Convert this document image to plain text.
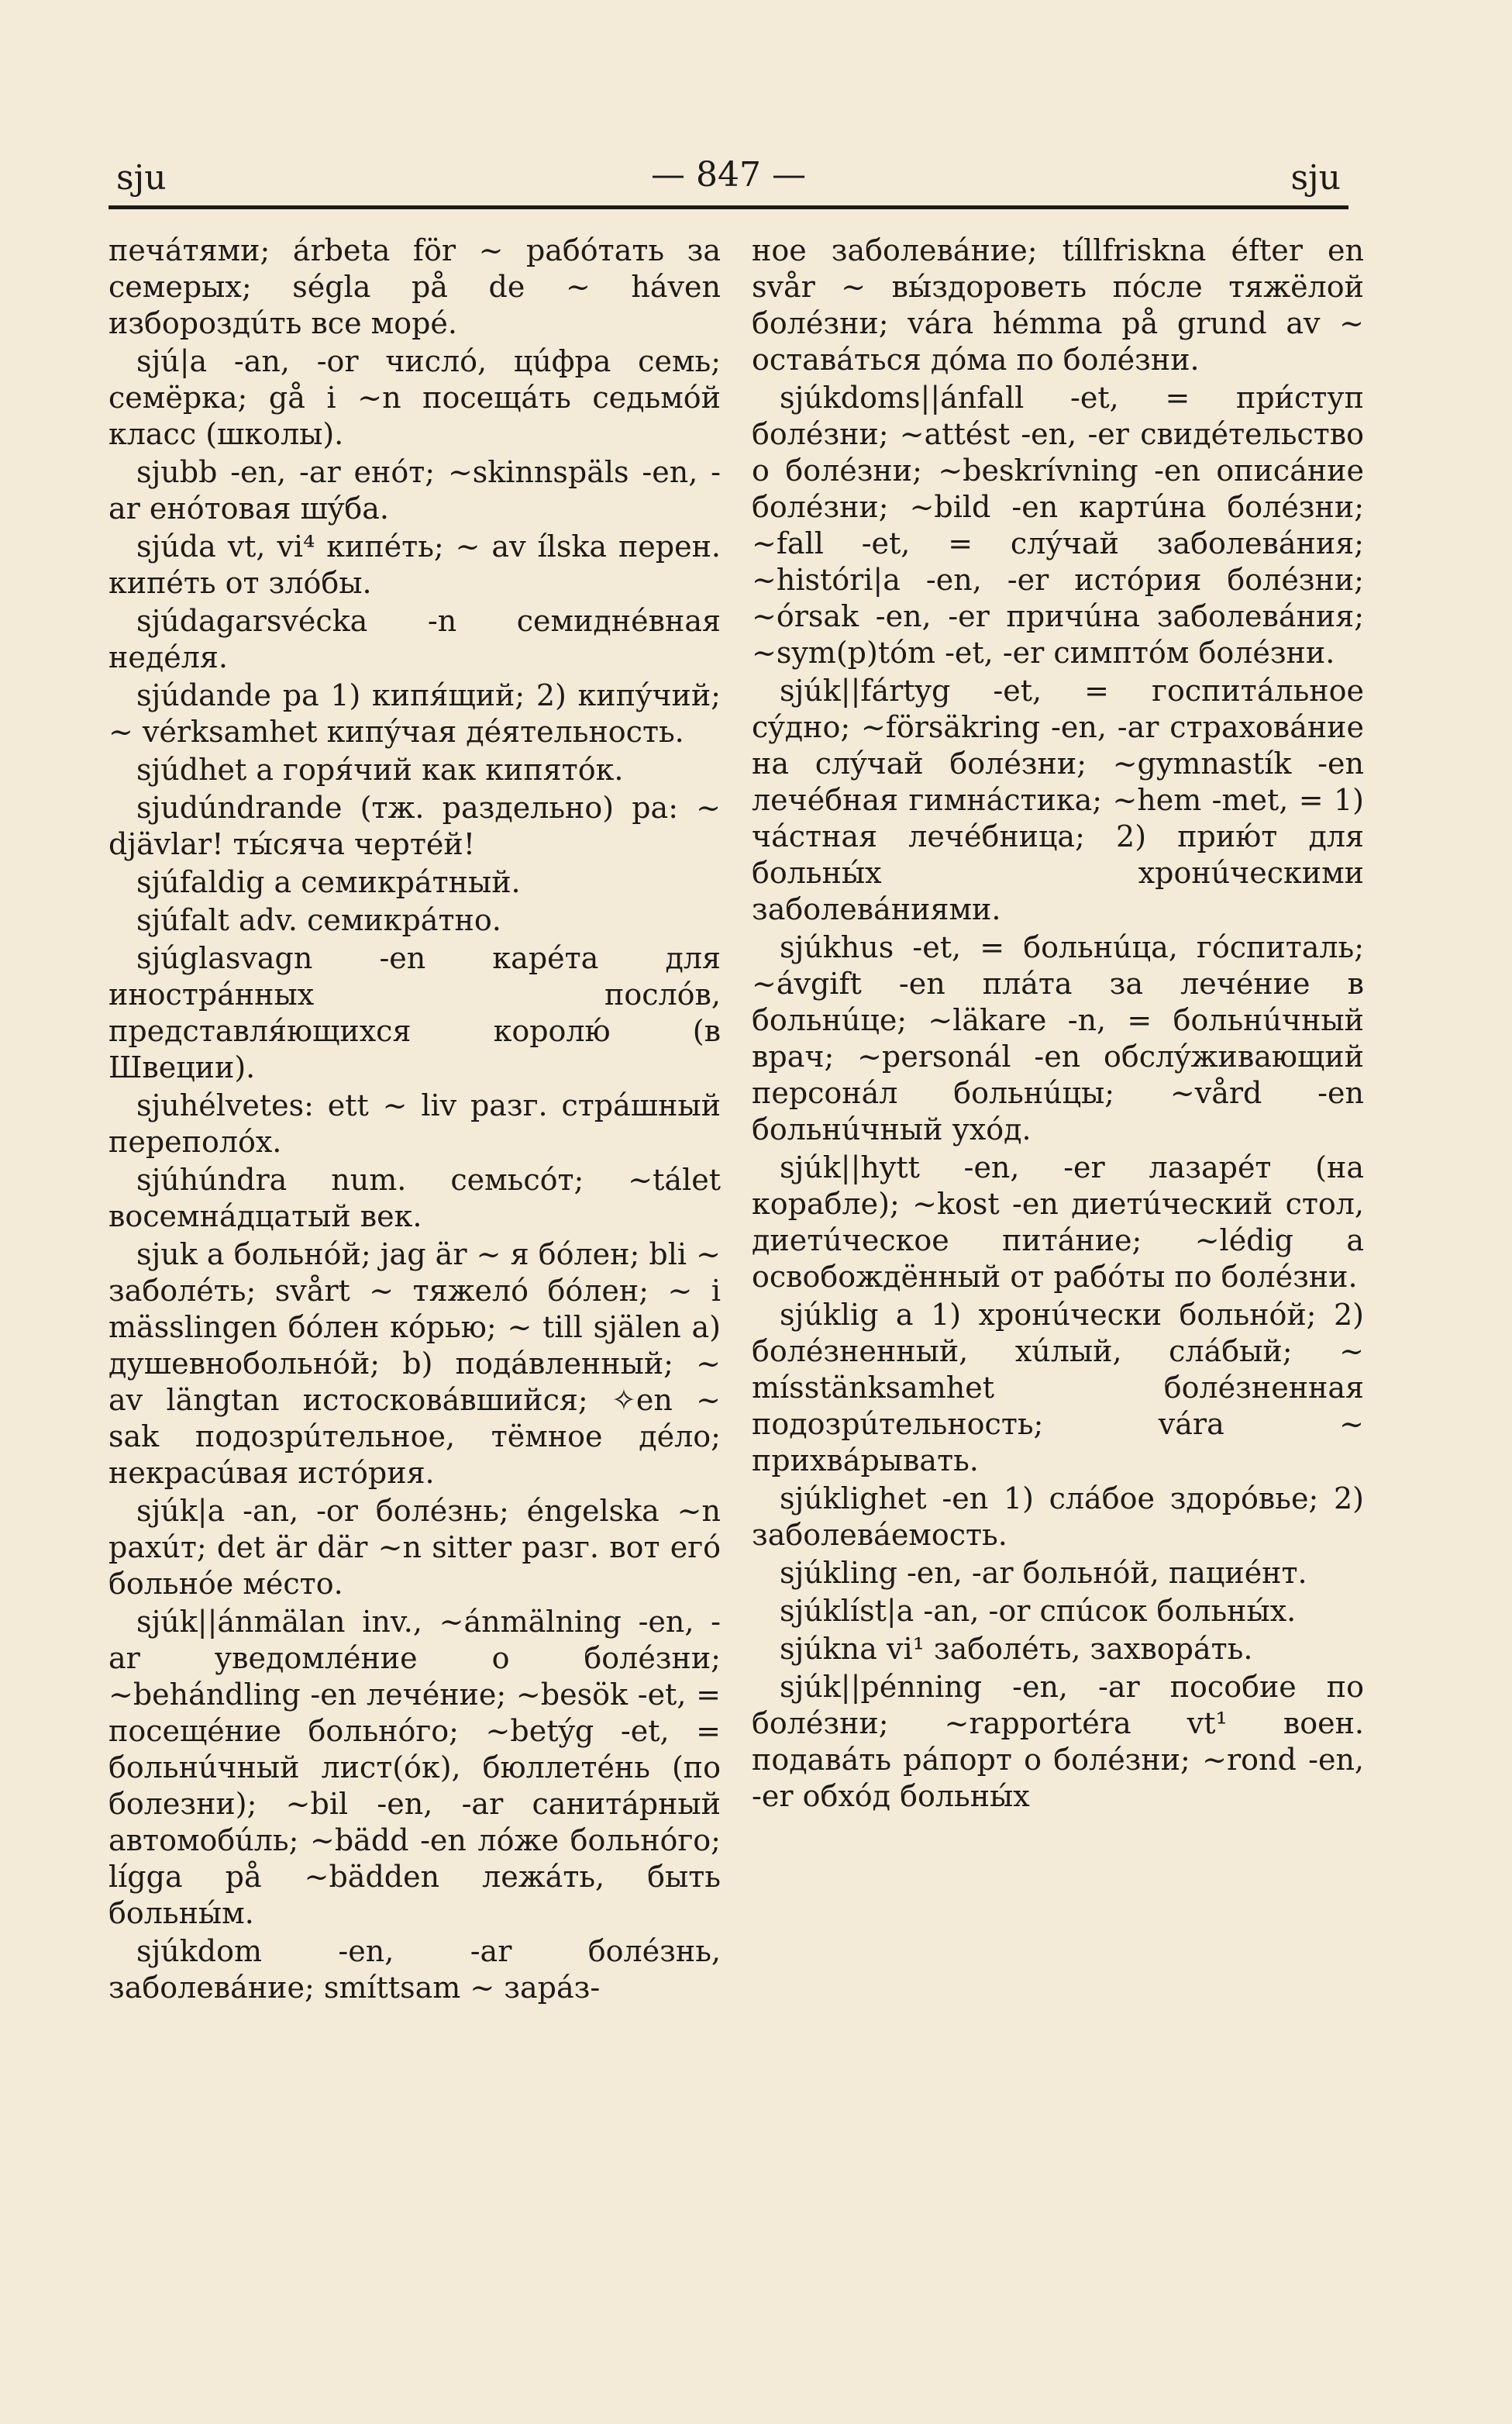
sju	— 847 —	sju

печáтями; árbeta för ~ рабóтать за семерых; ségla på de ~ háven избороздúть все морé.

sjú|a -an, -or числó, цúфра семь; семёрка; gå i ~n посещáть седьмóй класс (школы).

sjubb -en, -ar енóт; ~skinnspäls -en, -ar енóтовая шýба.

sjúda vt, vi⁴ кипéть; ~ av ílska перен. кипéть от злóбы.

sjúdagarsvécka -n семиднéвная недéля.

sjúdande pa 1) кипя́щий; 2) кипýчий; ~ vérksamhet кипýчая дéятельность.

sjúdhet a горя́чий как кипятóк.

sjudúndrande (тж. раздельно) pa: ~ djävlar! ты́сяча чертéй!

sjúfaldig a семикрáтный.

sjúfalt adv. семикрáтно.

sjúglasvagn -en карéта для инострáнных послóв, представля́ющихся королю́ (в Швеции).

sjuhélvetes: ett ~ liv разг. стрáшный переполóх.

sjúhúndra num. семьсóт; ~tálet восемнáдцатый век.

sjuk a больнóй; jag är ~ я бóлен; bli ~ заболéть; svårt ~ тяжелó бóлен; ~ i mässlingen бóлен кóрью; ~ till själen a) душевнобольнóй; b) подáвленный; ~ av längtan истосковáвшийся; ✧en ~ sak подозрúтельное, тёмное дéло; некрасúвая истóрия.

sjúk|a -an, -or болéзнь; éngelska ~n рахúт; det är där ~n sitter разг. вот егó больнóе мéсто.

sjúk||ánmälan inv., ~ánmälning -en, -ar уведомлéние о болéзни; ~behándling -en лечéние; ~besök -et, = посещéние больнóго; ~betýg -et, = больнúчный лист(óк), бюллетéнь (по болезни); ~bil -en, -ar санитáрный автомобúль; ~bädd -en лóже больнóго; lígga på ~bädden лежáть, быть больны́м.

sjúkdom -en, -ar болéзнь, заболевáние; smíttsam ~ зарáз-

ное заболевáние; tíllfriskna éfter en svår ~ вы́здороветь пóсле тяжёлой болéзни; vára hémma på grund av ~ оставáться дóма по болéзни.

sjúkdoms||ánfall -et, = при́ступ болéзни; ~attést -en, -er свидéтельство о болéзни; ~beskrívning -en описáние болéзни; ~bild -en картúна болéзни; ~fall -et, = слýчай заболевáния; ~históri|a -en, -er истóрия болéзни; ~órsak -en, -er причúна заболевáния; ~sym(p)tóm -et, -er симптóм болéзни.

sjúk||fártyg -et, = госпитáльное сýдно; ~försäkring -en, -ar страховáние на слýчай болéзни; ~gymnastík -en лечéбная гимнáстика; ~hem -met, = 1) чáстная лечéбница; 2) прию́т для больны́х хронúческими заболевáниями.

sjúkhus -et, = больнúца, гóспиталь; ~ávgift -en плáта за лечéние в больнúце; ~läkare -n, = больнúчный врач; ~personál -en обслýживающий персонáл больнúцы; ~vård -en больнúчный ухóд.

sjúk||hytt -en, -er лазарéт (на корабле); ~kost -en диетúческий стол, диетúческое питáние; ~lédig a освобождённый от рабóты по болéзни.

sjúklig a 1) хронúчески больнóй; 2) болéзненный, хúлый, слáбый; ~ mísstänksamhet болéзненная подозрúтельность; vára ~ прихвáрывать.

sjúklighet -en 1) слáбое здорóвье; 2) заболевáемость.

sjúkling -en, -ar больнóй, пациéнт.

sjúklíst|a -an, -or спúсок больны́х.

sjúkna vi¹ заболéть, захворáть.

sjúk||pénning -en, -ar пособие по болéзни; ~rapportéra vt¹ воен. подавáть рáпорт о болéзни; ~rond -en, -er обхóд больны́х
